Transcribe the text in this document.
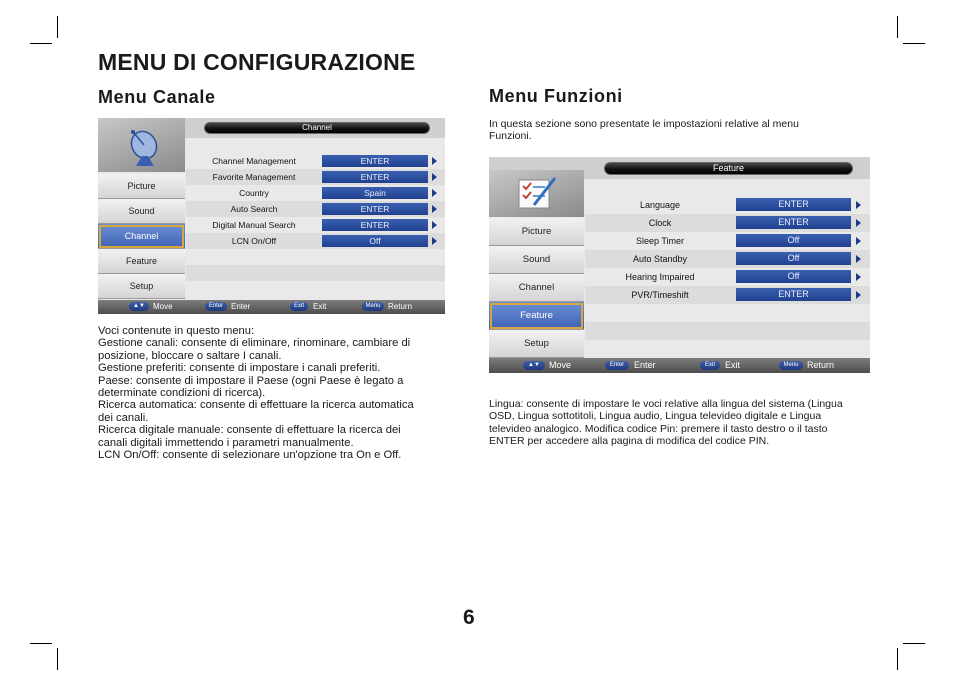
MENU DI CONFIGURAZIONE
Menu Canale	Menu Funzioni
Channel
Picture
Sound
Channel
Feature
Setup
Channel Management	ENTER
Favorite Management	ENTER
Country	Spain
Auto Search	ENTER
Digital Manual Search	ENTER
LCN On/Off	Off
▲▼	Move	Enter Enter	Exit	Exit	Menu Return
Voci contenute in questo menu:
Gestione canali: consente di eliminare, rinominare, cambiare di
posizione, bloccare o saltare I canali.
Gestione preferiti: consente di impostare i canali preferiti.
Paese: consente di impostare il Paese (ogni Paese è legato a
determinate condizioni di ricerca).
Ricerca automatica: consente di effettuare la ricerca automatica
dei canali.
Ricerca digitale manuale: consente di effettuare la ricerca dei
canali digitali immettendo i parametri manualmente.
LCN On/Off: consente di selezionare un'opzione tra On e Off.
In questa sezione sono presentate le impostazioni relative al menu
Funzioni.
Feature
Picture
Sound
Channel
Feature
Setup
Language	ENTER
Clock	ENTER
Sleep Timer	Off
Auto Standby	Off
Hearing Impaired	Off
PVR/Timeshift	ENTER
▲▼	Move	Enter	Enter	Exit	Exit	Menu Return
Lingua: consente di impostare le voci relative alla lingua del sistema (Lingua
OSD, Lingua sottotitoli, Lingua audio, Lingua televideo digitale e Lingua
televideo analogico. Modifica codice Pin: premere il tasto destro o il tasto
ENTER per accedere alla pagina di modifica del codice PIN.
6
